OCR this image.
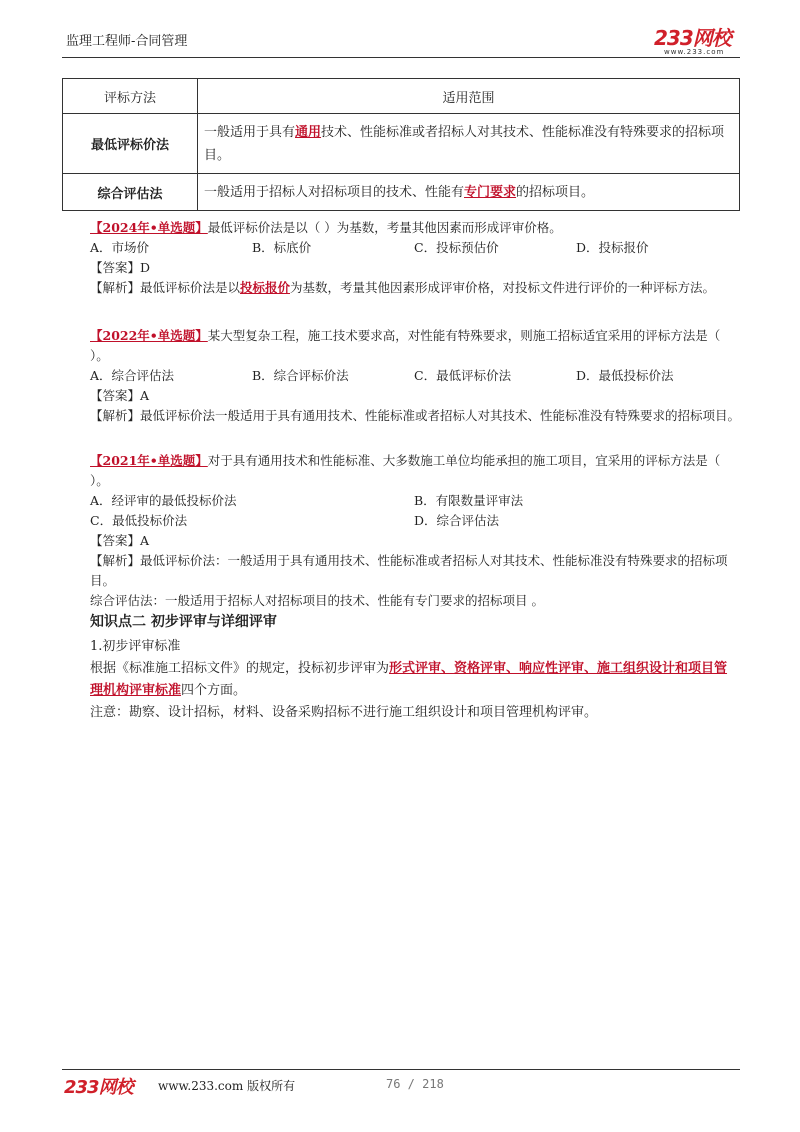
监理工程师-合同管理	233网校
www.233.com
评标方法	适用范围
最低评标价法	一般适用于具有通用技术、性能标准或者招标人对其技术、性能标准没有特殊要求的招标项目。
综合评估法	一般适用于招标人对招标项目的技术、性能有专门要求的招标项目。
【2024年•单选题】最低评标价法是以（ ）为基数，考量其他因素而形成评审价格。
A．市场价	B．标底价	C．投标预估价	D．投标报价
【答案】D
【解析】最低评标价法是以投标报价为基数，考量其他因素形成评审价格，对投标文件进行评价的一种评标方法。
【2022年•单选题】某大型复杂工程，施工技术要求高，对性能有特殊要求，则施工招标适宜采用的评标方法是（ ）。
A．综合评估法	B．综合评标价法	C．最低评标价法	D．最低投标价法
【答案】A
【解析】最低评标价法一般适用于具有通用技术、性能标准或者招标人对其技术、性能标准没有特殊要求的招标项目。
【2021年•单选题】对于具有通用技术和性能标准、大多数施工单位均能承担的施工项目，宜采用的评标方法是（ ）。
A．经评审的最低投标价法	B．有限数量评审法
C．最低投标价法	D．综合评估法
【答案】A
【解析】最低评标价法：一般适用于具有通用技术、性能标准或者招标人对其技术、性能标准没有特殊要求的招标项目。
综合评估法：一般适用于招标人对招标项目的技术、性能有专门要求的招标项目 。
知识点二 初步评审与详细评审
1.初步评审标准
根据《标准施工招标文件》的规定，投标初步评审为形式评审、资格评审、响应性评审、施工组织设计和项目管理机构评审标准四个方面。
注意：勘察、设计招标，材料、设备采购招标不进行施工组织设计和项目管理机构评审。
233网校 www.233.com 版权所有	76 / 218
